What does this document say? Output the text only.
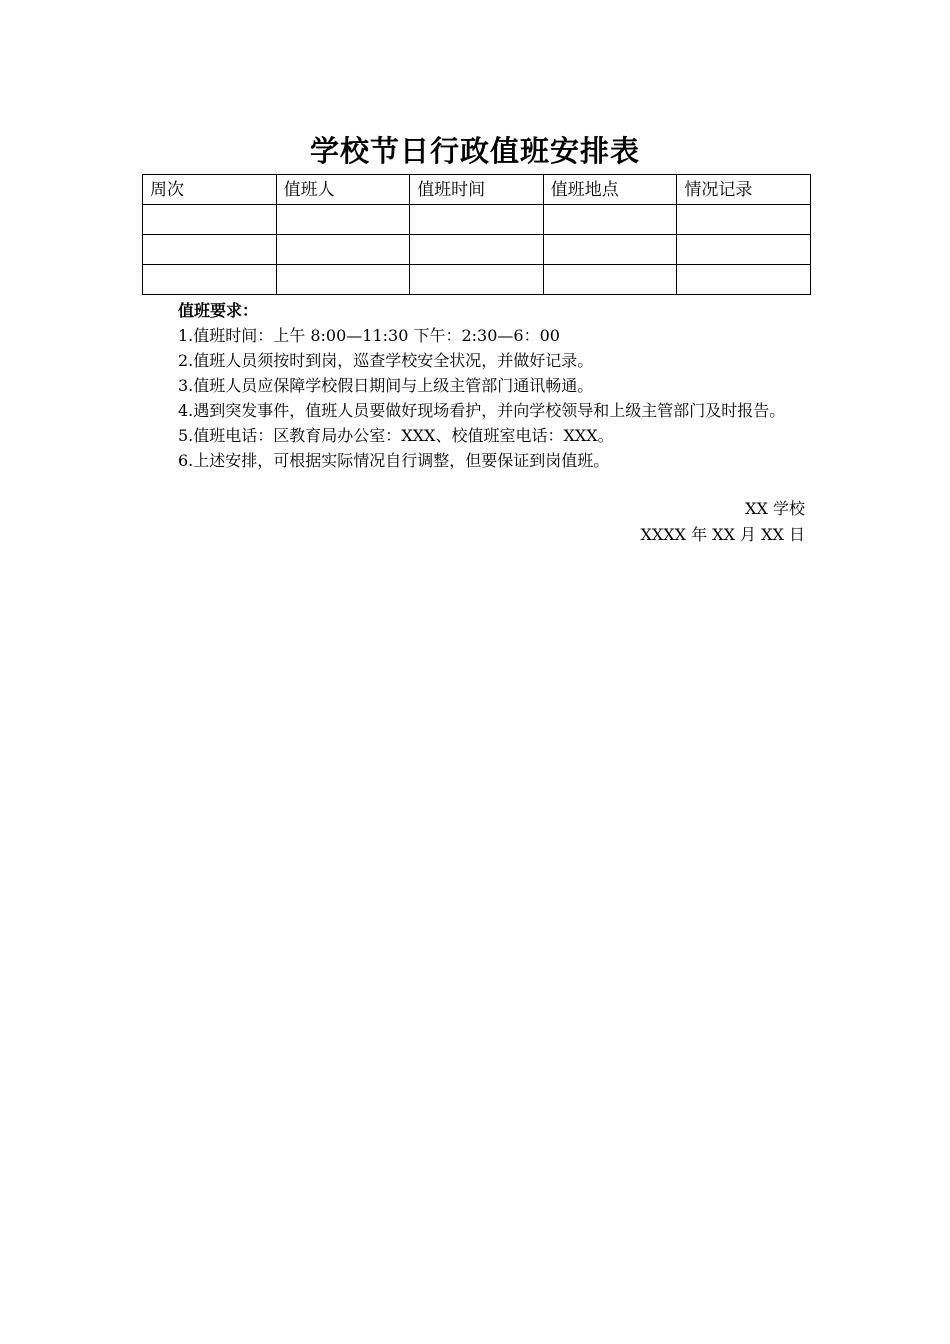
学校节日行政值班安排表
周次	值班人	值班时间	值班地点	情况记录

值班要求：

1.值班时间：上午 8:00—11:30 下午：2:30—6：00

2.值班人员须按时到岗，巡查学校安全状况，并做好记录。

3.值班人员应保障学校假日期间与上级主管部门通讯畅通。

4.遇到突发事件，值班人员要做好现场看护，并向学校领导和上级主管部门及时报告。

5.值班电话：区教育局办公室：XXX、校值班室电话：XXX。

6.上述安排，可根据实际情况自行调整，但要保证到岗值班。

XX 学校
XXXX 年 XX 月 XX 日
